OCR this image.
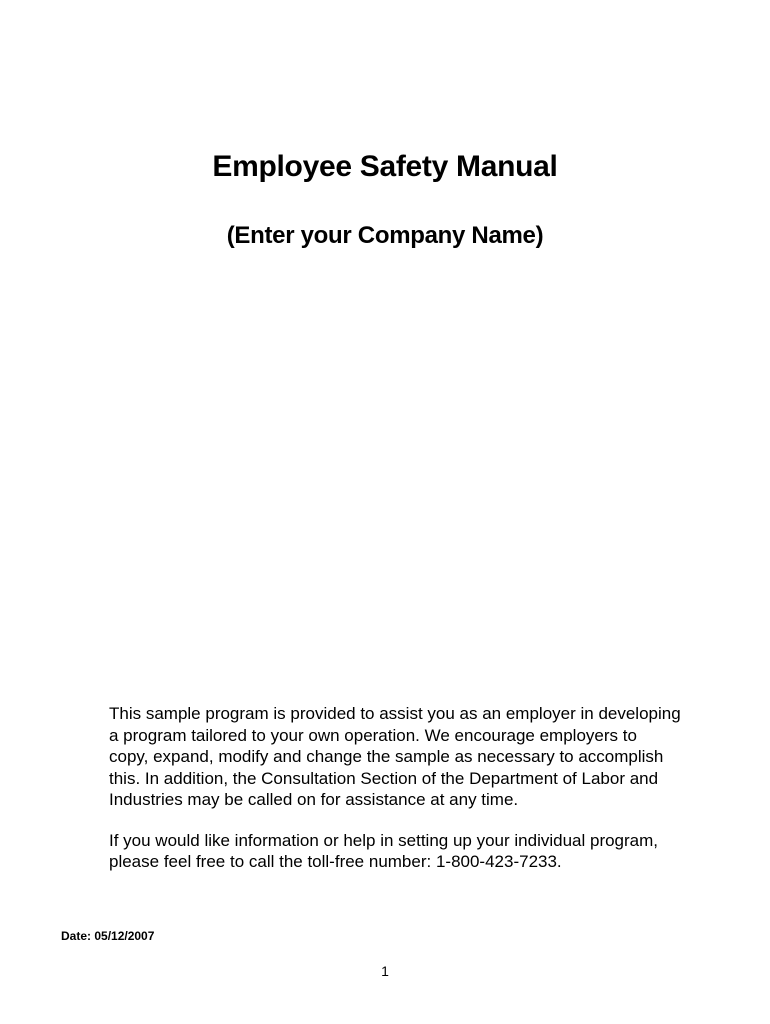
Employee Safety Manual
(Enter your Company Name)

This sample program is provided to assist you as an employer in developing
a program tailored to your own operation. We encourage employers to
copy, expand, modify and change the sample as necessary to accomplish
this. In addition, the Consultation Section of the Department of Labor and
Industries may be called on for assistance at any time.

If you would like information or help in setting up your individual program,
please feel free to call the toll-free number: 1-800-423-7233.

Date: 05/12/2007
1
